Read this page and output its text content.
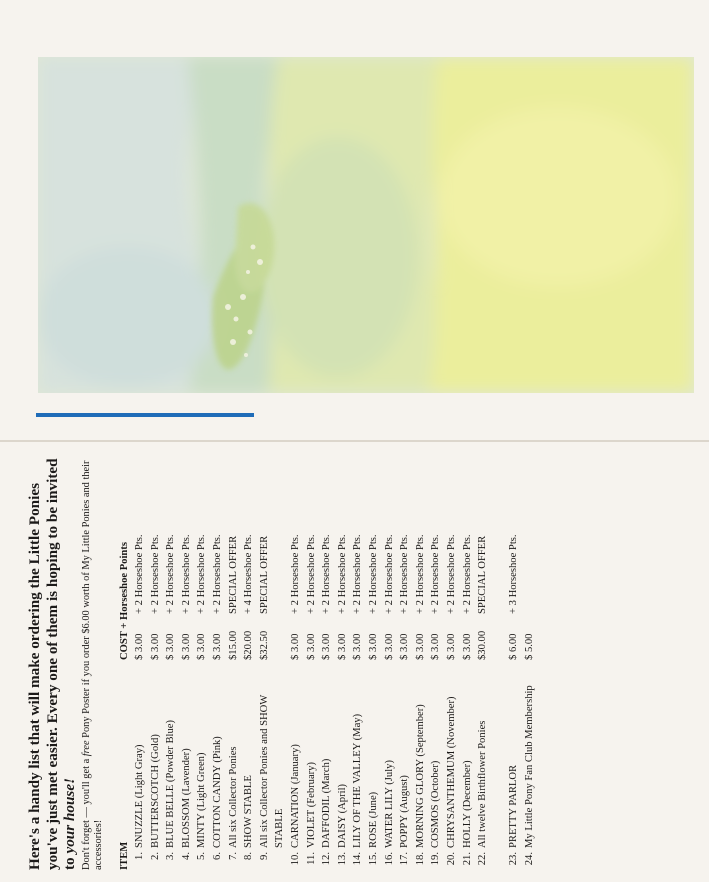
Here's a handy list that will make ordering the Little Ponies you've just met easier. Every one of them is hoping to be invited to your house! Don't forget — you'll get a free Pony Poster if you order $6.00 worth of My Little Ponies and their accessories! ITEM
COST + Horseshoe Points
1.
SNUZZLE (Light Gray)
$ 3.00
+ 2 Horseshoe Pts.
2.
BUTTERSCOTCH (Gold)
$ 3.00
+ 2 Horseshoe Pts.
3.
BLUE BELLE (Powder Blue)
$ 3.00
+ 2 Horseshoe Pts.
4.
BLOSSOM (Lavender)
$ 3.00
+ 2 Horseshoe Pts.
5.
MINTY (Light Green)
$ 3.00
+ 2 Horseshoe Pts.
6.
COTTON CANDY (Pink)
$ 3.00
+ 2 Horseshoe Pts.
7.
All six Collector Ponies
$15.00
SPECIAL OFFER
8.
SHOW STABLE
$20.00
+ 4 Horseshoe Pts.
9.
All six Collector Ponies and SHOW STABLE
$32.50
SPECIAL OFFER
10.
CARNATION (January)
$ 3.00
+ 2 Horseshoe Pts.
11.
VIOLET (February)
$ 3.00
+ 2 Horseshoe Pts.
12.
DAFFODIL (March)
$ 3.00
+ 2 Horseshoe Pts.
13.
DAISY (April)
$ 3.00
+ 2 Horseshoe Pts.
14.
LILY OF THE VALLEY (May)
$ 3.00
+ 2 Horseshoe Pts.
15.
ROSE (June)
$ 3.00
+ 2 Horseshoe Pts.
16.
WATER LILY (July)
$ 3.00
+ 2 Horseshoe Pts.
17.
POPPY (August)
$ 3.00
+ 2 Horseshoe Pts.
18.
MORNING GLORY (September)
$ 3.00
+ 2 Horseshoe Pts.
19.
COSMOS (October)
$ 3.00
+ 2 Horseshoe Pts.
20.
CHRYSANTHEMUM (November)
$ 3.00
+ 2 Horseshoe Pts.
21.
HOLLY (December)
$ 3.00
+ 2 Horseshoe Pts.
22.
All twelve Birthflower Ponies
$30.00
SPECIAL OFFER
23.
PRETTY PARLOR
$ 6.00
+ 3 Horseshoe Pts.
24.
My Little Pony Fan Club Membership
$ 5.00
